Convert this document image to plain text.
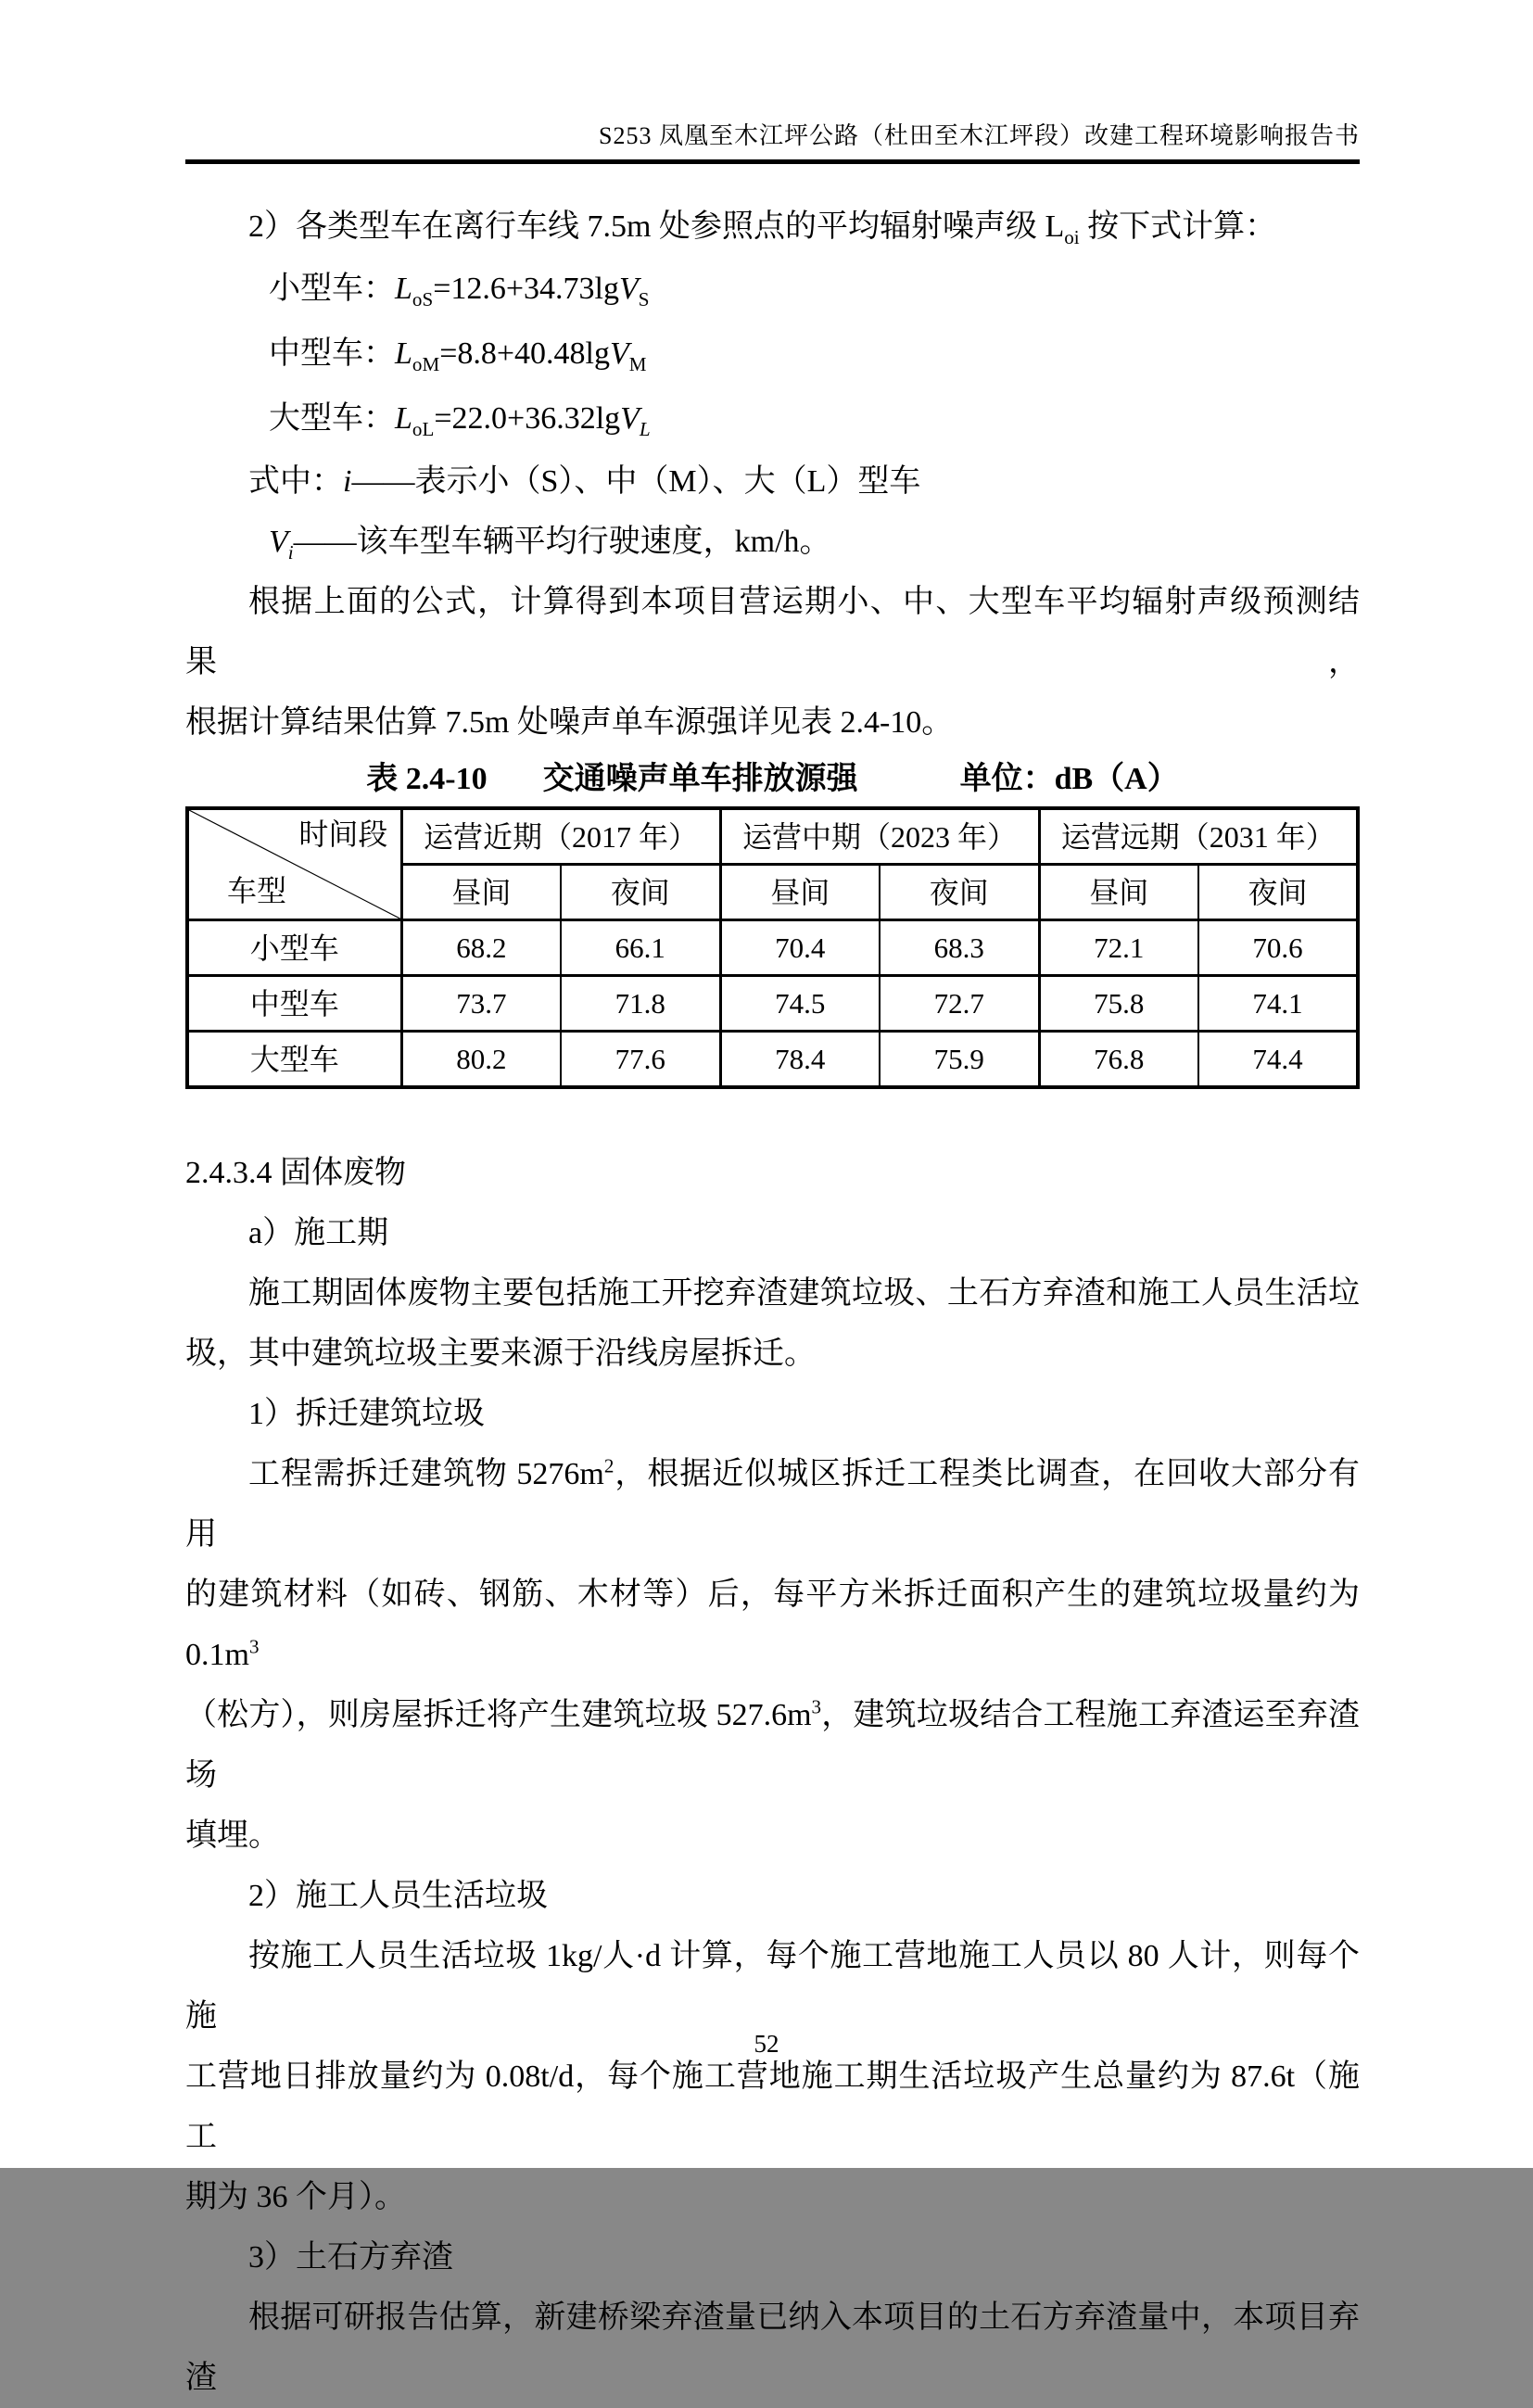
S253 凤凰至木江坪公路（杜田至木江坪段）改建工程环境影响报告书
2）各类型车在离行车线 7.5m 处参照点的平均辐射噪声级 $L_{oi}$ 按下式计算：
小型车：$L_{oS}=12.6+34.73\lg V_S$
中型车：$L_{oM}=8.8+40.48\lg V_M$
大型车：$L_{oL}=22.0+36.32\lg V_L$
式中：i——表示小（S）、中（M）、大（L）型车
$V_i——$该车型车辆平均行驶速度，km/h。
根据上面的公式，计算得到本项目营运期小、中、大型车平均辐射声级预测结果，
根据计算结果估算 7.5m 处噪声单车源强详见表 2.4-10。
表 2.4-10 交通噪声单车排放源强	单位：dB（A）
时间段
车型	运营近期（2017 年）		运营中期（2023 年）		运营远期（2031 年）	
	昼间	夜间	昼间	夜间	昼间	夜间
小型车	68.2	66.1	70.4	68.3	72.1	70.6
中型车	73.7	71.8	74.5	72.7	75.8	74.1
大型车	80.2	77.6	78.4	75.9	76.8	74.4
2.4.3.4 固体废物
a）施工期
施工期固体废物主要包括施工开挖弃渣建筑垃圾、土石方弃渣和施工人员生活垃
圾，其中建筑垃圾主要来源于沿线房屋拆迁。
1）拆迁建筑垃圾
工程需拆迁建筑物 $5276m^2$，根据近似城区拆迁工程类比调查，在回收大部分有用
的建筑材料（如砖、钢筋、木材等）后，每平方米拆迁面积产生的建筑垃圾量约为 $0.1m^3$
（松方），则房屋拆迁将产生建筑垃圾 $527.6m^3$，建筑垃圾结合工程施工弃渣运至弃渣场
填埋。
2）施工人员生活垃圾
按施工人员生活垃圾 1kg/人·d 计算，每个施工营地施工人员以 80 人计，则每个施
工营地日排放量约为 0.08t/d，每个施工营地施工期生活垃圾产生总量约为 87.6t（施工
期为 36 个月）。
3）土石方弃渣
根据可研报告估算，新建桥梁弃渣量已纳入本项目的土石方弃渣量中，本项目弃渣
52
